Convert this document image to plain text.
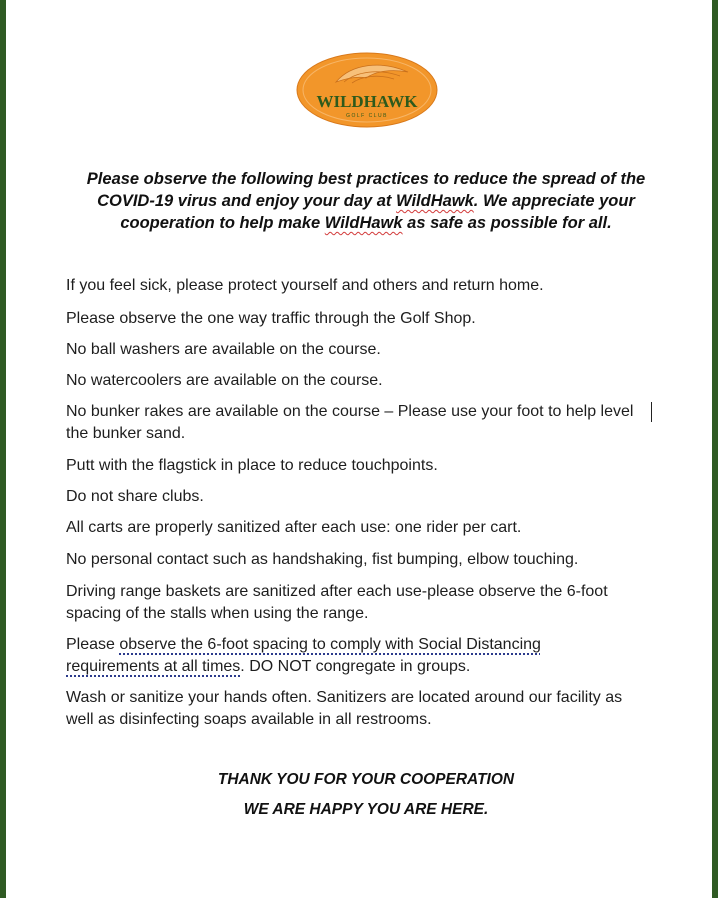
WILDHAWK
GOLF CLUB

Please observe the following best practices to reduce the spread of the COVID-19 virus and enjoy your day at WildHawk. We appreciate your cooperation to help make WildHawk as safe as possible for all.

If you feel sick, please protect yourself and others and return home.

Please observe the one way traffic through the Golf Shop.

No ball washers are available on the course.

No watercoolers are available on the course.

No bunker rakes are available on the course – Please use your foot to help level the bunker sand.

Putt with the flagstick in place to reduce touchpoints.

Do not share clubs.

All carts are properly sanitized after each use: one rider per cart.

No personal contact such as handshaking, fist bumping, elbow touching.

Driving range baskets are sanitized after each use-please observe the 6-foot spacing of the stalls when using the range.

Please observe the 6-foot spacing to comply with Social Distancing requirements at all times. DO NOT congregate in groups.

Wash or sanitize your hands often. Sanitizers are located around our facility as well as disinfecting soaps available in all restrooms.

THANK YOU FOR YOUR COOPERATION

WE ARE HAPPY YOU ARE HERE.
